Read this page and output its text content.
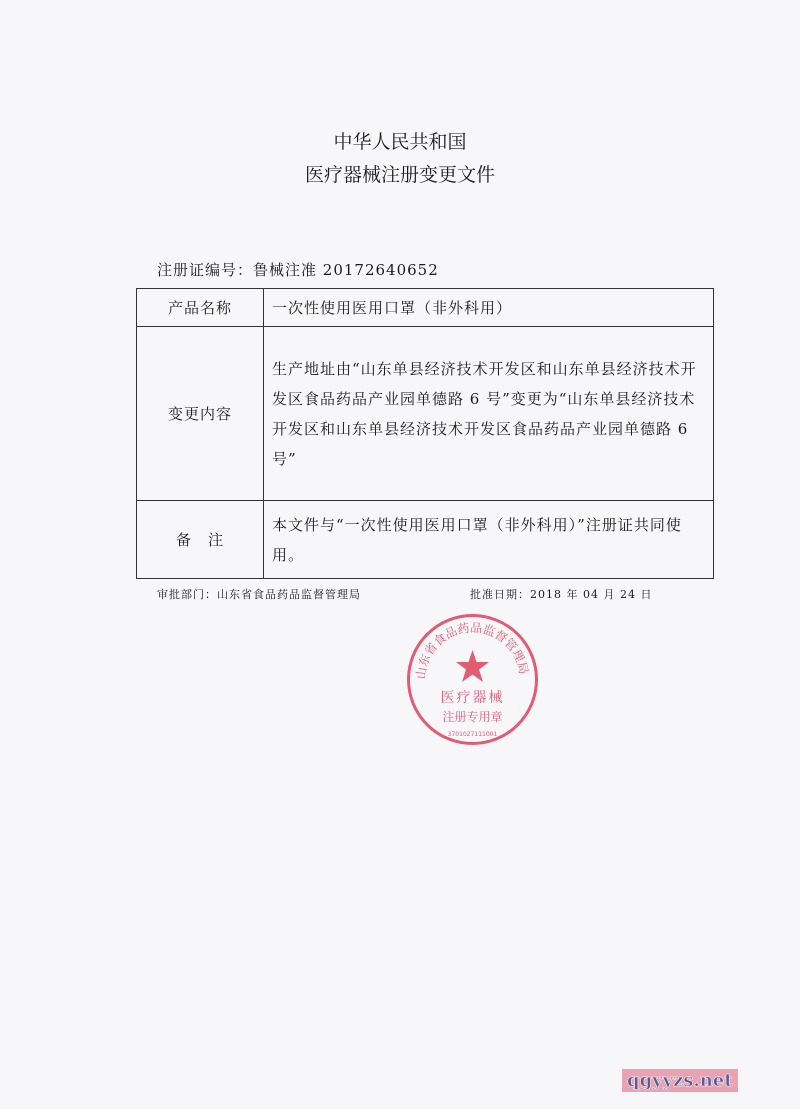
中华人民共和国
医疗器械注册变更文件
注册证编号：鲁械注准 20172640652
产品名称	一次性使用医用口罩（非外科用）
变更内容	生产地址由“山东单县经济技术开发区和山东单县经济技术开发区食品药品产业园单德路 6 号”变更为“山东单县经济技术开发区和山东单县经济技术开发区食品药品产业园单德路 6 号”
备　注	本文件与“一次性使用医用口罩（非外科用）”注册证共同使用。
审批部门：山东省食品药品监督管理局	批准日期：2018 年 04 月 24 日
山东省食品药品监督管理局
医疗器械
注册专用章
3701027111001
qgyyzs.net
